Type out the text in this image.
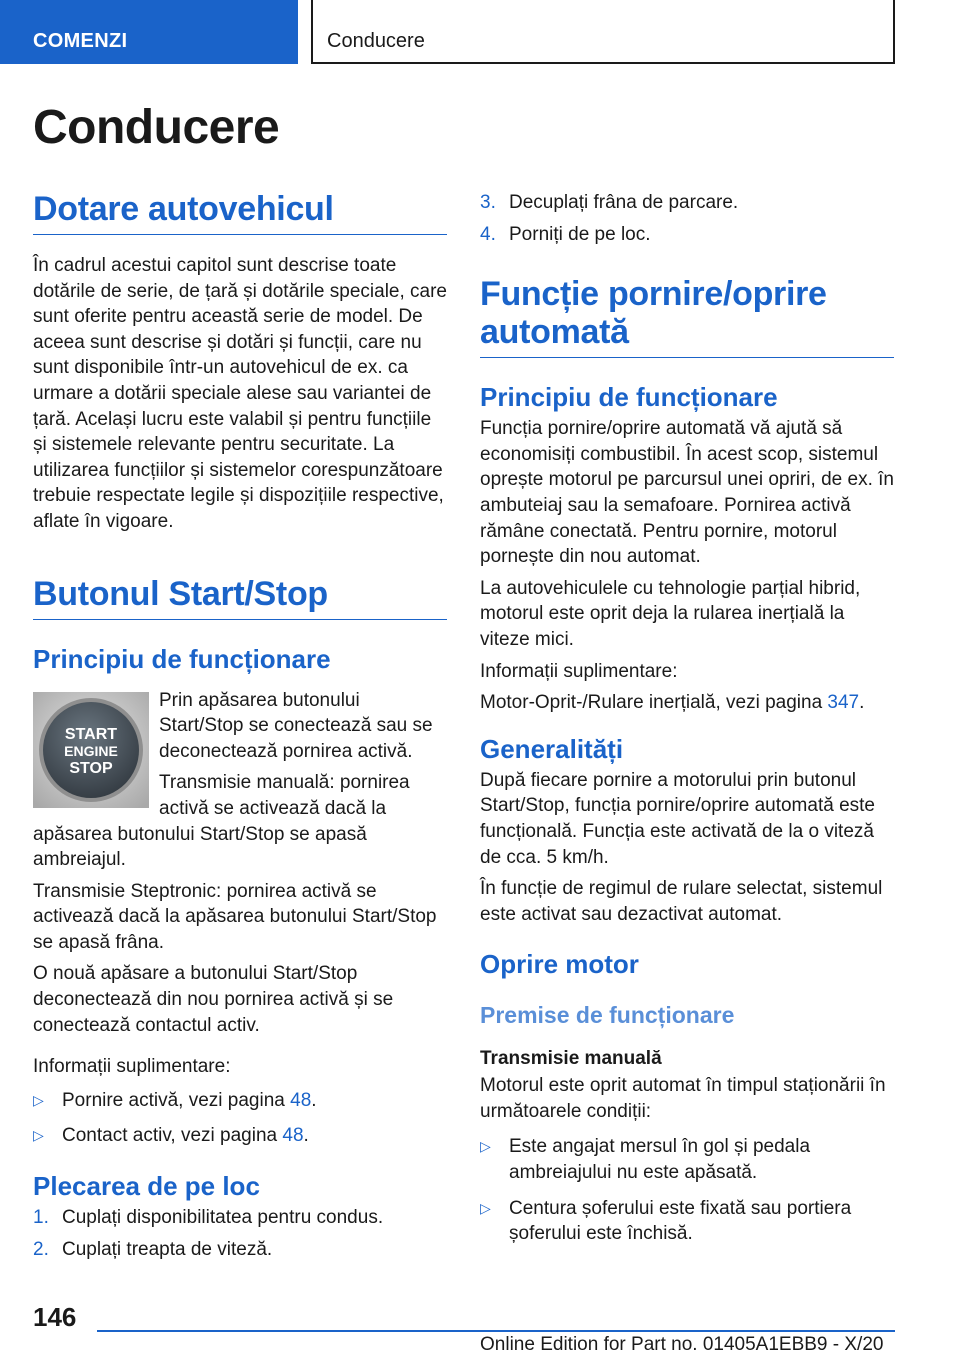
COMENZI	Conducere
Conducere
Dotare autovehicul

În cadrul acestui capitol sunt descrise toate dotările de serie, de țară și dotările speciale, care sunt oferite pentru această serie de model. De aceea sunt descrise și dotări și funcții, care nu sunt disponibile într-un autovehicul de ex. ca urmare a dotării speciale alese sau variantei de țară. Același lucru este valabil și pentru funcțiile și sistemele relevante pentru securitate. La utilizarea funcțiilor și sistemelor corespunzătoare trebuie respectate legile și dispozițiile respective, aflate în vigoare.

Butonul Start/Stop
Principiu de funcționare
START
ENGINE
STOP

Prin apăsarea butonului Start/Stop se conectează sau se deconectează pornirea activă.

Transmisie manuală: pornirea activă se activează dacă la apăsarea butonului Start/Stop se apasă ambreiajul.

Transmisie Steptronic: pornirea activă se activează dacă la apăsarea butonului Start/Stop se apasă frâna.

O nouă apăsare a butonului Start/Stop deconectează din nou pornirea activă și se conectează contactul activ.

Informații suplimentare:

▷ Pornire activă, vezi pagina 48.
▷ Contact activ, vezi pagina 48.
Plecarea de pe loc
1. Cuplați disponibilitatea pentru condus.
2. Cuplați treapta de viteză.
3. Decuplați frâna de parcare.
4. Porniți de pe loc.
Funcție pornire/oprire automată
Principiu de funcționare

Funcția pornire/oprire automată vă ajută să economisiți combustibil. În acest scop, sistemul oprește motorul pe parcursul unei opriri, de ex. în ambuteiaj sau la semafoare. Pornirea activă rămâne conectată. Pentru pornire, motorul pornește din nou automat.

La autovehiculele cu tehnologie parțial hibrid, motorul este oprit deja la rularea inerțială la viteze mici.

Informații suplimentare:

Motor-Oprit-/Rulare inerțială, vezi pagina 347.

Generalități

După fiecare pornire a motorului prin butonul Start/Stop, funcția pornire/oprire automată este funcțională. Funcția este activată de la o viteză de cca. 5 km/h.

În funcție de regimul de rulare selectat, sistemul este activat sau dezactivat automat.

Oprire motor
Premise de funcționare
Transmisie manuală

Motorul este oprit automat în timpul staționării în următoarele condiții:

▷ Este angajat mersul în gol și pedala ambreiajului nu este apăsată.
▷ Centura șoferului este fixată sau portiera șoferului este închisă.
146
Online Edition for Part no. 01405A1EBB9 - X/20
